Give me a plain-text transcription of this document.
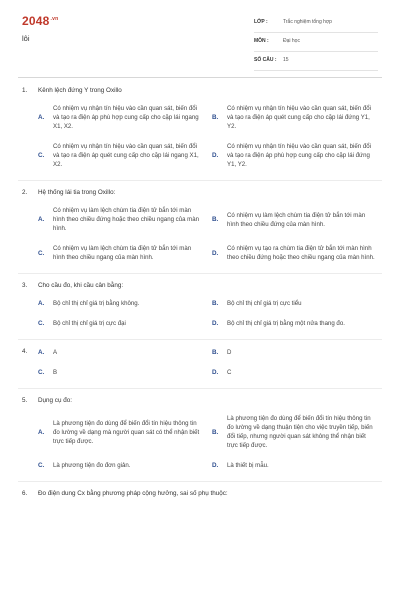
$2048^{.vn}$
lôi
LỚP :	Trắc nghiệm tổng hợp
MÔN :	Đại học
SỐ CÂU : 15
1.	Kênh lệch đứng Y trong Oxillo
A.
Có nhiệm vụ nhận tín hiệu vào cần quan sát, biến đổi và tạo ra điện áp phù hợp cung cấp cho cặp lái ngang X1, X2.
B.
Có nhiệm vụ nhận tín hiệu vào cần quan sát, biến đổi và tạo ra điện áp quét cung cấp cho cặp lái đứng Y1, Y2.
C.
Có nhiệm vụ nhận tín hiệu vào cần quan sát, biến đổi và tạo ra điện áp quét cung cấp cho cặp lái ngang X1, X2.
D.
Có nhiệm vụ nhận tín hiệu vào cần quan sát, biến đổi và tạo ra điện áp phù hợp cung cấp cho cặp lái đứng Y1, Y2.
2.	Hệ thống lái tia trong Oxillo:
A.
Có nhiệm vụ làm lệch chùm tia điện tử bắn tới màn hình theo chiều đứng hoặc theo chiều ngang của màn hình.
B.
Có nhiệm vụ làm lệch chùm tia điện tử bắn tới màn hình theo chiều đứng của màn hình.
C.
Có nhiệm vụ làm lệch chùm tia điện tử bắn tới màn hình theo chiều ngang của màn hình.
D.
Có nhiệm vụ tạo ra chùm tia điện tử bắn tới màn hình theo chiều đứng hoặc theo chiều ngang của màn hình.
3.	Cho cầu đo, khi cầu cân bằng:
A.	Bộ chỉ thị chỉ giá trị bằng không.	B.	Bộ chỉ thị chỉ giá trị cực tiểu
C.	Bộ chỉ thị chỉ giá trị cực đại	D.	Bộ chỉ thị chỉ giá trị bằng một nửa thang đo.
4.	A.	A	B.	D
C.	B	D.	C
5.	Dụng cụ đo:
A.
Là phương tiện đo dùng để biến đổi tín hiệu thông tin đo lường về dạng mà người quan sát có thể nhận biết trực tiếp được.
B.
Là phương tiện đo dùng để biến đổi tín hiệu thông tin đo lường về dạng thuận tiện cho việc truyền tiếp, biến đổi tiếp, nhưng người quan sát không thể nhận biết trực tiếp được.
C.	Là phương tiện đo đơn giản.	D.	Là thiết bị mẫu.
6.	Đo điện dung Cx bằng phương pháp cộng hưởng, sai số phụ thuộc:
